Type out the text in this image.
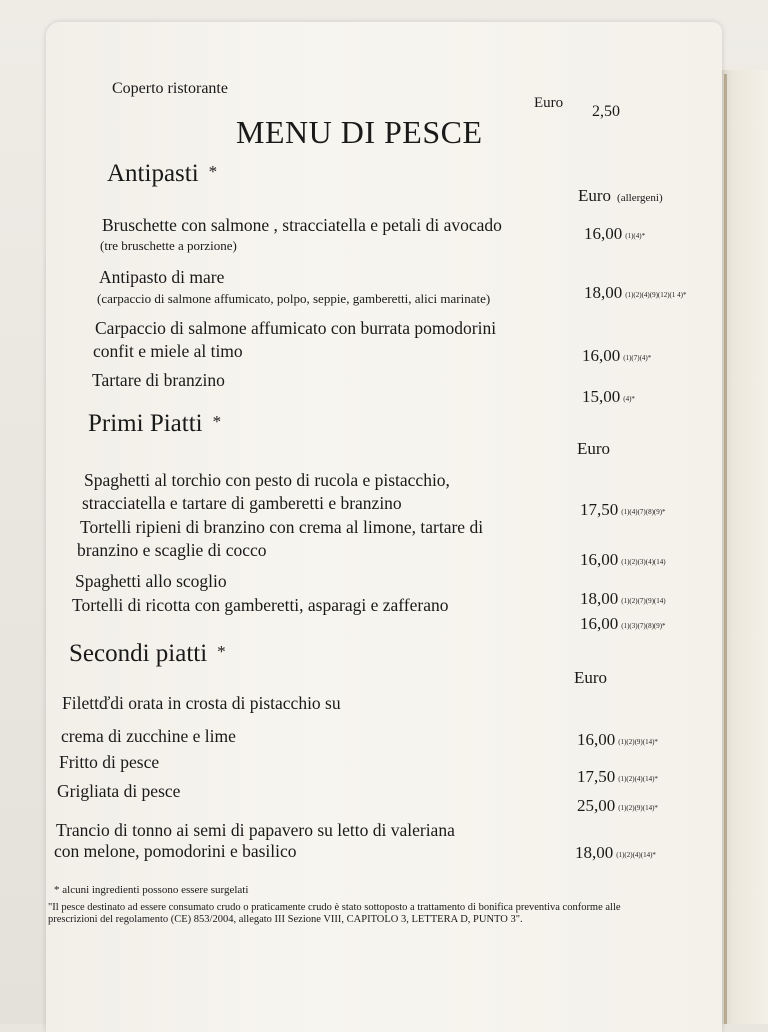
Coperto ristorante
Euro 2,50
MENU DI PESCE
Antipasti *
Euro (allergeni)
Bruschette con salmone , stracciatella e petali di avocado
(tre bruschette a porzione)
16,00 (1)(4)*
Antipasto di mare
(carpaccio di salmone affumicato, polpo, seppie, gamberetti, alici marinate)	18,00 (1)(2)(4)(9)(12)(1 4)*
Carpaccio di salmone affumicato con burrata pomodorini
confit e miele al timo	16,00 (1)(7)(4)*
Tartare di branzino
15,00 (4)*
Primi Piatti *
Euro
Spaghetti al torchio con pesto di rucola e pistacchio,
stracciatella e tartare di gamberetti e branzino	17,50 (1)(4)(7)(8)(9)*
Tortelli ripieni di branzino con crema al limone, tartare di
branzino e scaglie di cocco	16,00 (1)(2)(3)(4)(14)
Spaghetti allo scoglio
18,00 (1)(2)(7)(9)(14)
Tortelli di ricotta con gamberetti, asparagi e zafferano
16,00 (1)(3)(7)(8)(9)*
Secondi piatti *
Euro
Filettďdi orata in crosta di pistacchio su
crema di zucchine e lime	16,00 (1)(2)(9)(14)*
Fritto di pesce
17,50 (1)(2)(4)(14)*
Grigliata di pesce
25,00 (1)(2)(9)(14)*
Trancio di tonno ai semi di papavero su letto di valeriana
con melone, pomodorini e basilico	18,00 (1)(2)(4)(14)*
* alcuni ingredienti possono essere surgelati
"Il pesce destinato ad essere consumato crudo o praticamente crudo è stato sottoposto a trattamento di bonifica preventiva conforme alle prescrizioni del regolamento (CE) 853/2004, allegato III Sezione VIII, CAPITOLO 3, LETTERA D, PUNTO 3".
